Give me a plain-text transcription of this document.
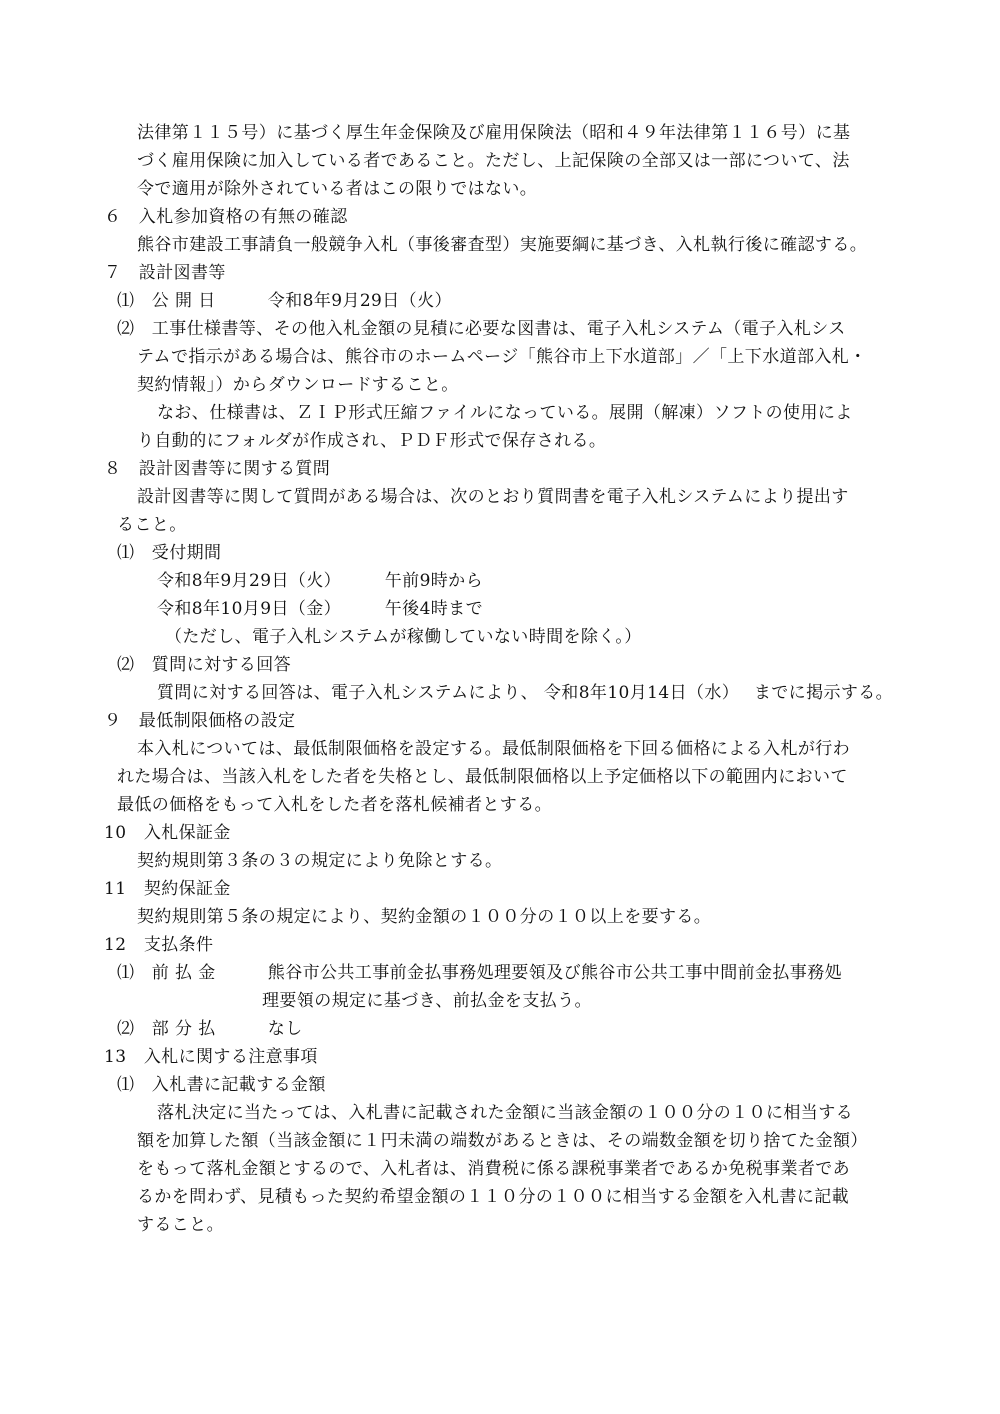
法律第１１５号）に基づく厚生年金保険及び雇用保険法（昭和４９年法律第１１６号）に基
づく雇用保険に加入している者であること。ただし、上記保険の全部又は一部について、法
令で適用が除外されている者はこの限りではない。
６　入札参加資格の有無の確認
熊谷市建設工事請負一般競争入札（事後審査型）実施要綱に基づき、入札執行後に確認する。
７　設計図書等
⑴　公 開 日　　　令和8年9月29日（火）
⑵　工事仕様書等、その他入札金額の見積に必要な図書は、電子入札システム（電子入札シス
テムで指示がある場合は、熊谷市のホームページ「熊谷市上下水道部」／「上下水道部入札・
契約情報」）からダウンロードすること。
なお、仕様書は、ＺＩＰ形式圧縮ファイルになっている。展開（解凍）ソフトの使用によ
り自動的にフォルダが作成され、ＰＤＦ形式で保存される。
８　設計図書等に関する質問
設計図書等に関して質問がある場合は、次のとおり質問書を電子入札システムにより提出す
ること。
⑴　受付期間
令和8年9月29日（火）　　　午前9時から
令和8年10月9日（金）　　　午後4時まで
（ただし、電子入札システムが稼働していない時間を除く。）
⑵　質問に対する回答
質問に対する回答は、電子入札システムにより、 令和8年10月14日（水）　 までに掲示する。
９　最低制限価格の設定
本入札については、最低制限価格を設定する。最低制限価格を下回る価格による入札が行わ
れた場合は、当該入札をした者を失格とし、最低制限価格以上予定価格以下の範囲内において
最低の価格をもって入札をした者を落札候補者とする。
10　入札保証金
契約規則第３条の３の規定により免除とする。
11　契約保証金
契約規則第５条の規定により、契約金額の１００分の１０以上を要する。
12　支払条件
⑴　前 払 金　　　熊谷市公共工事前金払事務処理要領及び熊谷市公共工事中間前金払事務処
理要領の規定に基づき、前払金を支払う。
⑵　部 分 払　　　なし
13　入札に関する注意事項
⑴　入札書に記載する金額
落札決定に当たっては、入札書に記載された金額に当該金額の１００分の１０に相当する
額を加算した額（当該金額に１円未満の端数があるときは、その端数金額を切り捨てた金額）
をもって落札金額とするので、入札者は、消費税に係る課税事業者であるか免税事業者であ
るかを問わず、見積もった契約希望金額の１１０分の１００に相当する金額を入札書に記載
すること。
